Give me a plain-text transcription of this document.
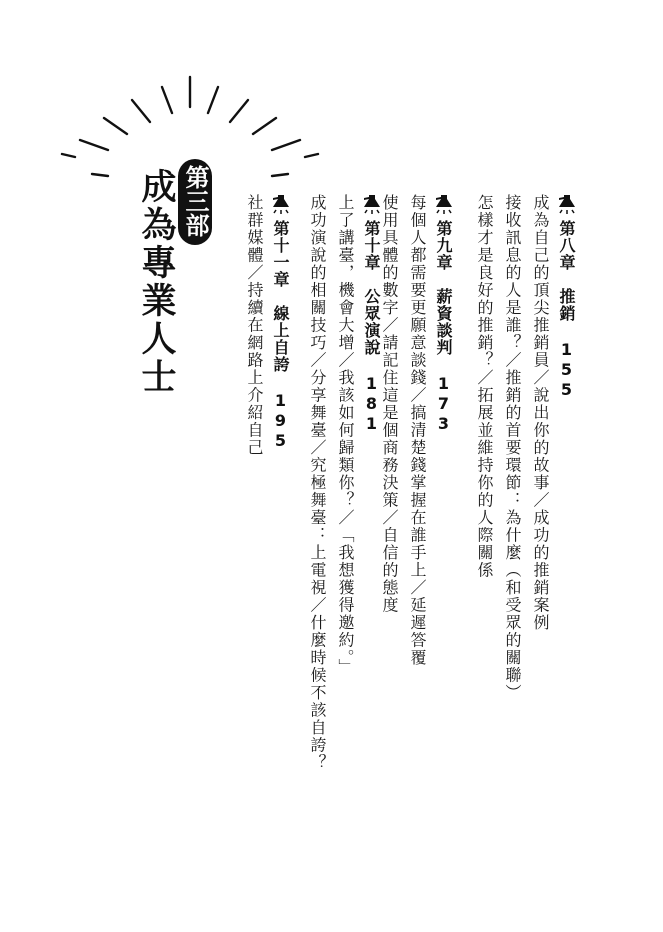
第三部
成為專業人士	第八章　推銷155
成為自己的頂尖推銷員／說出你的故事／成功的推銷案例
接收訊息的人是誰？／推銷的首要環節：為什麼（和受眾的關聯）
怎樣才是良好的推銷？／拓展並維持你的人際關係
第九章　薪資談判173
每個人都需要更願意談錢／搞清楚錢掌握在誰手上／延遲答覆
使用具體的數字／請記住這是個商務決策／自信的態度
第十章　公眾演說181
上了講臺，機會大增／我該如何歸類你？／「我想獲得邀約。」
成功演說的相關技巧／分享舞臺／究極舞臺：上電視／什麼時候不該自誇？
第十一章　線上自誇195
社群媒體／持續在網路上介紹自己
